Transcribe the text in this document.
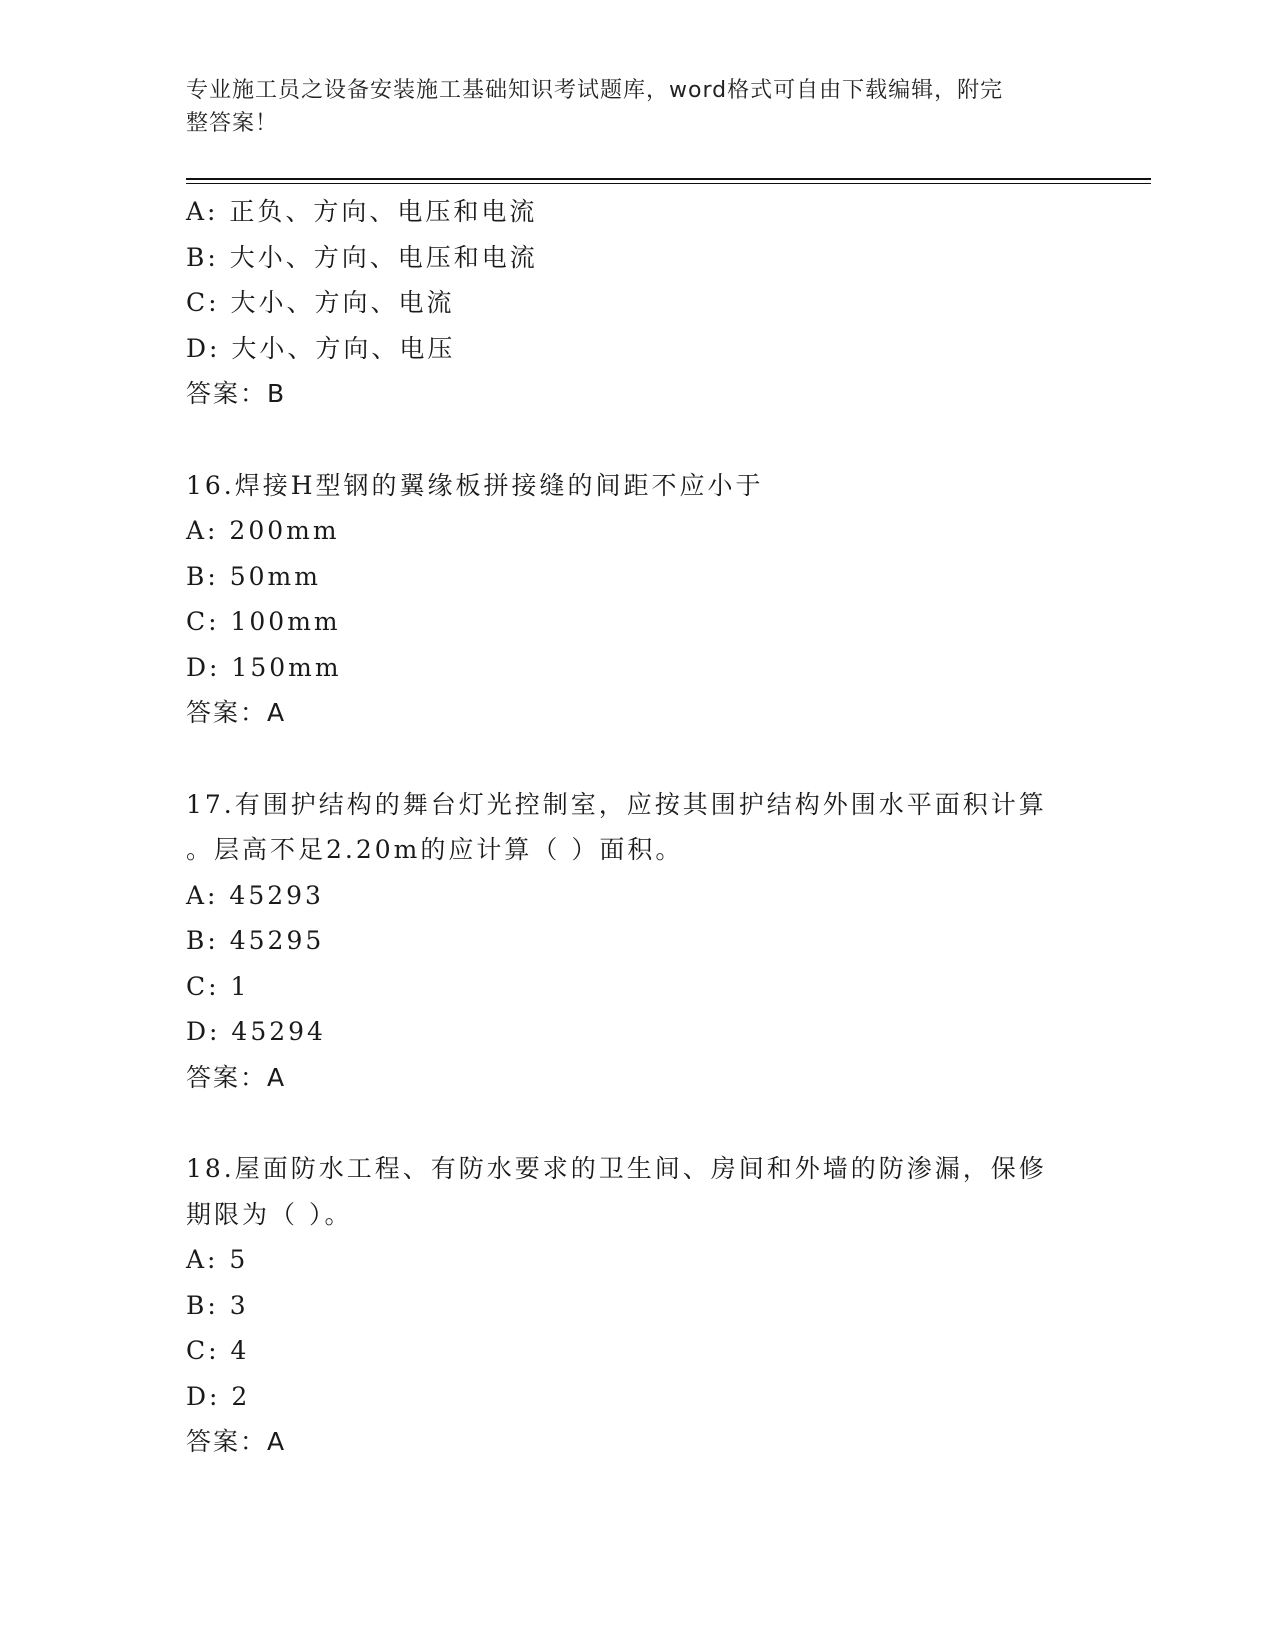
专业施工员之设备安装施工基础知识考试题库，word格式可自由下载编辑，附完
整答案！
A: 正负、方向、电压和电流
B: 大小、方向、电压和电流
C: 大小、方向、电流
D: 大小、方向、电压
答案：B
16.焊接H型钢的翼缘板拼接缝的间距不应小于
A: 200mm
B: 50mm
C: 100mm
D: 150mm
答案：A
17.有围护结构的舞台灯光控制室，应按其围护结构外围水平面积计算
。层高不足2.20m的应计算（ ）面积。
A: 45293
B: 45295
C: 1
D: 45294
答案：A
18.屋面防水工程、有防水要求的卫生间、房间和外墙的防渗漏，保修
期限为（ ）。
A: 5
B: 3
C: 4
D: 2
答案：A
